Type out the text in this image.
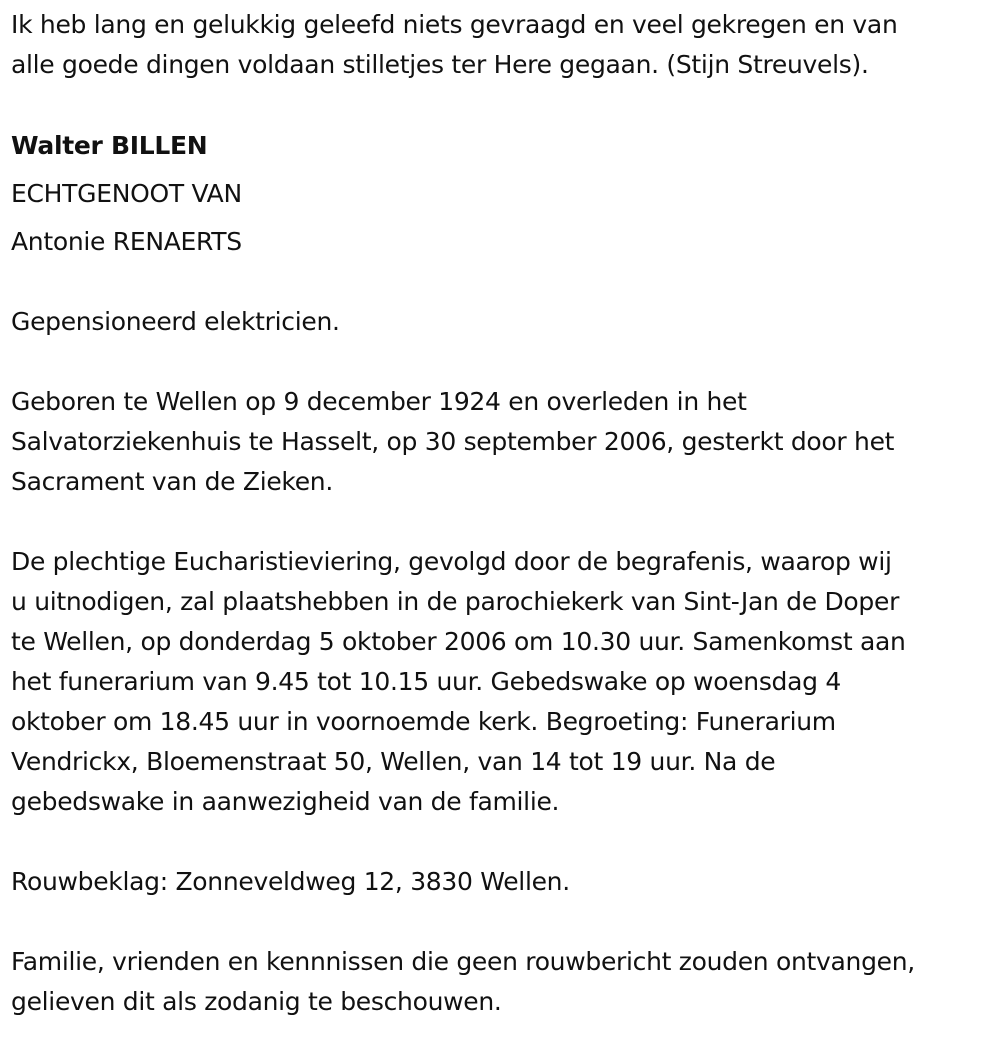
Ik heb lang en gelukkig geleefd niets gevraagd en veel gekregen en van
alle goede dingen voldaan stilletjes ter Here gegaan. (Stijn Streuvels).
Walter BILLEN
ECHTGENOOT VAN
Antonie RENAERTS
Gepensioneerd elektricien.
Geboren te Wellen op 9 december 1924 en overleden in het
Salvatorziekenhuis te Hasselt, op 30 september 2006, gesterkt door het
Sacrament van de Zieken.
De plechtige Eucharistieviering, gevolgd door de begrafenis, waarop wij
u uitnodigen, zal plaatshebben in de parochiekerk van Sint-Jan de Doper
te Wellen, op donderdag 5 oktober 2006 om 10.30 uur. Samenkomst aan
het funerarium van 9.45 tot 10.15 uur. Gebedswake op woensdag 4
oktober om 18.45 uur in voornoemde kerk. Begroeting: Funerarium
Vendrickx, Bloemenstraat 50, Wellen, van 14 tot 19 uur. Na de
gebedswake in aanwezigheid van de familie.
Rouwbeklag: Zonneveldweg 12, 3830 Wellen.
Familie, vrienden en kennnissen die geen rouwbericht zouden ontvangen,
gelieven dit als zodanig te beschouwen.
